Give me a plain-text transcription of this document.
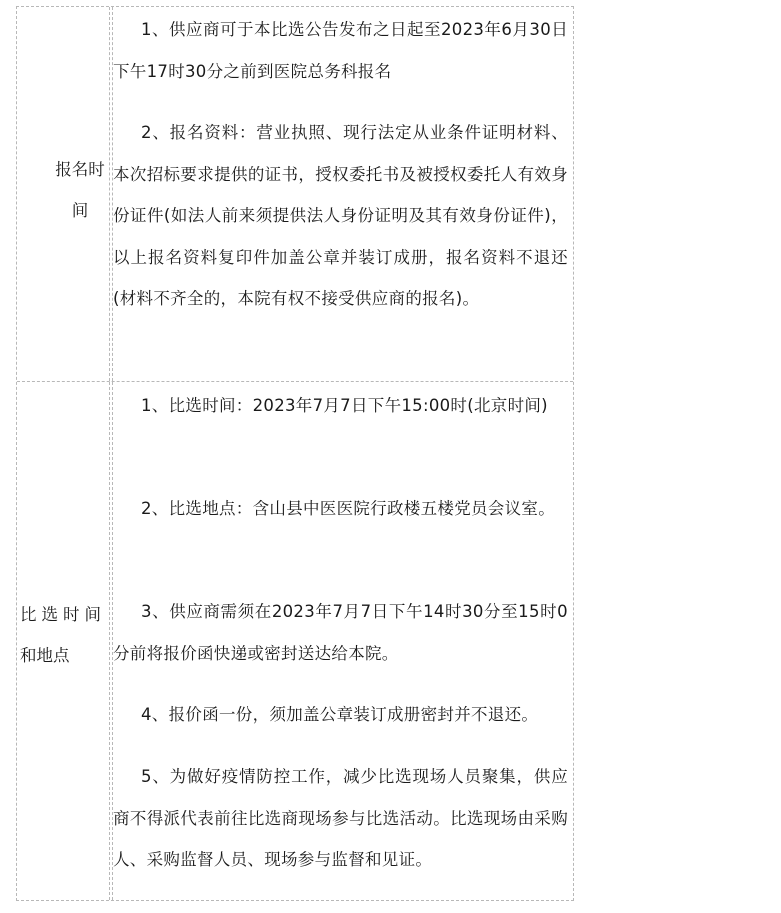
报名时
间

1、供应商可于本比选公告发布之日起至2023年6月30日下午17时30分之前到医院总务科报名

2、报名资料：营业执照、现行法定从业条件证明材料、本次招标要求提供的证书，授权委托书及被授权委托人有效身份证件(如法人前来须提供法人身份证明及其有效身份证件)，以上报名资料复印件加盖公章并装订成册，报名资料不退还(材料不齐全的，本院有权不接受供应商的报名)。

比选时间
和地点

1、比选时间：2023年7月7日下午15:00时(北京时间)

2、比选地点：含山县中医医院行政楼五楼党员会议室。

3、供应商需须在2023年7月7日下午14时30分至15时0分前将报价函快递或密封送达给本院。

4、报价函一份，须加盖公章装订成册密封并不退还。

5、为做好疫情防控工作，减少比选现场人员聚集，供应商不得派代表前往比选商现场参与比选活动。比选现场由采购人、采购监督人员、现场参与监督和见证。
